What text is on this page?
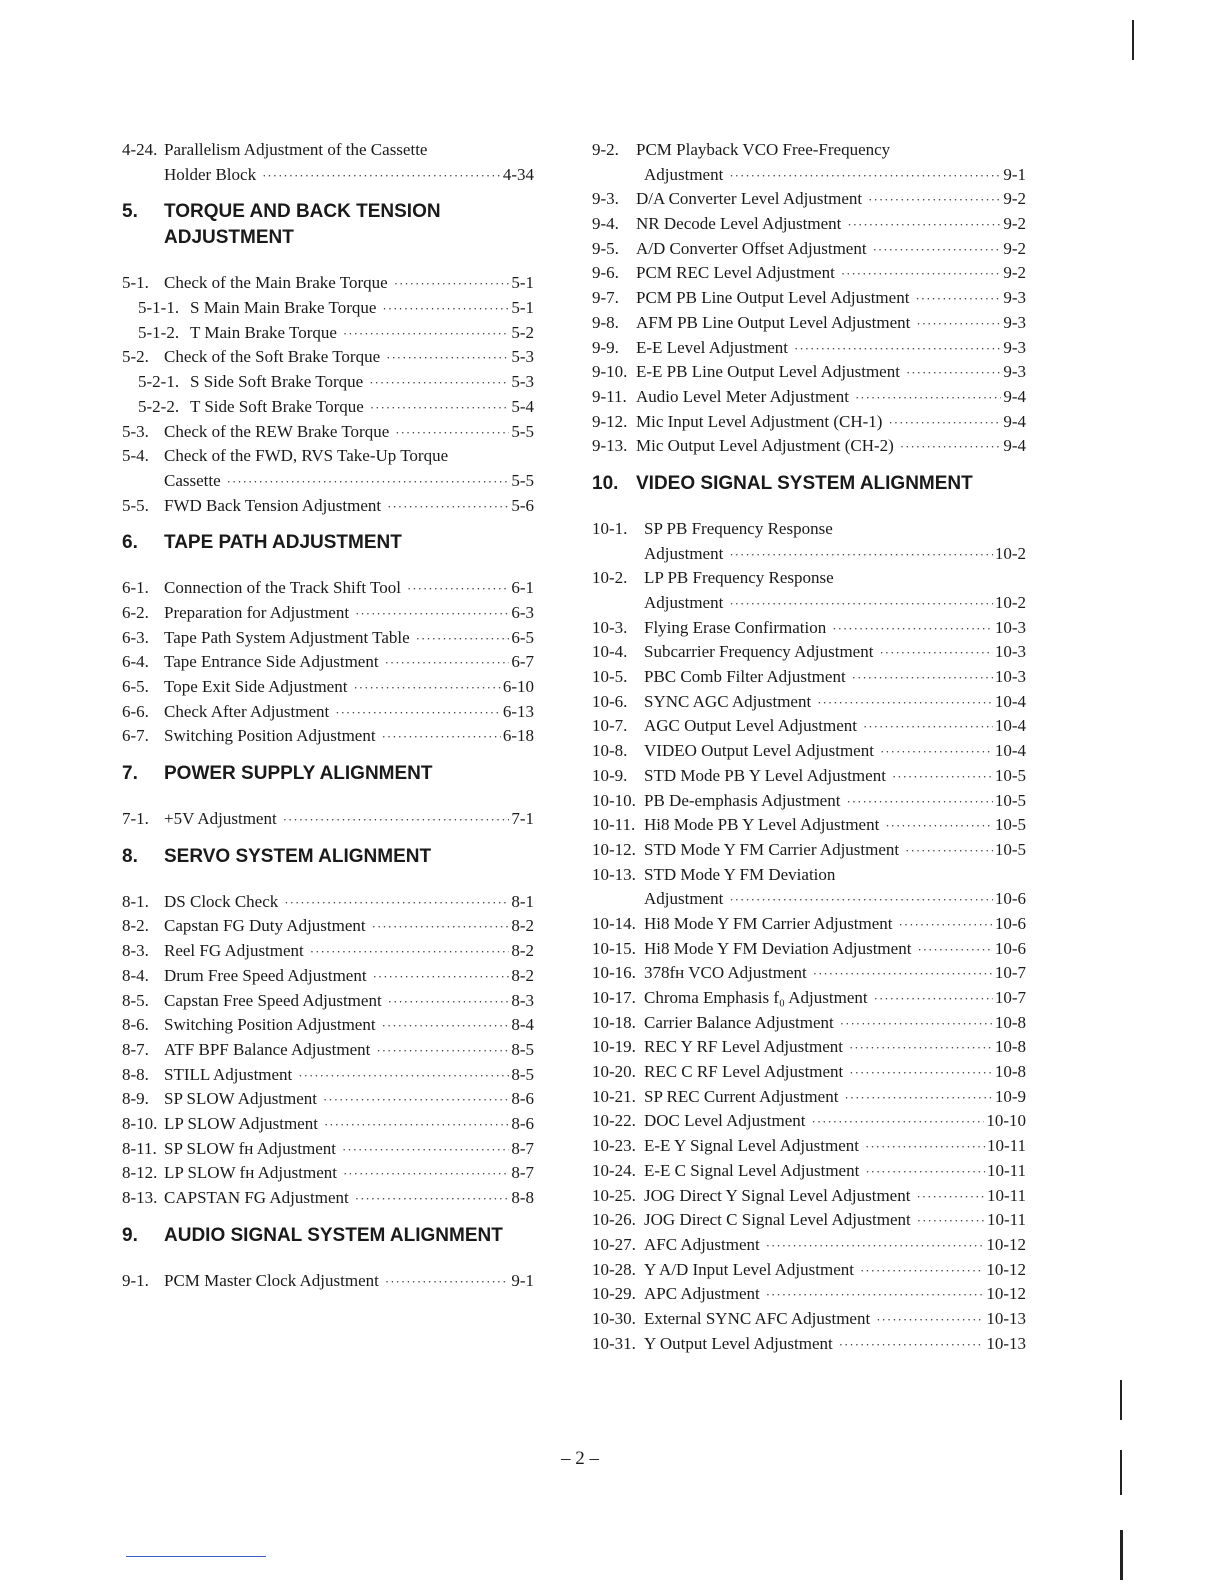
4-24. Parallelism Adjustment of the Cassette
Holder Block ·····	4-34
5. TORQUE AND BACK TENSION
ADJUSTMENT
5-1. Check of the Main Brake Torque ·····	5-1
5-1-1. S Main Main Brake Torque ·····	5-1
5-1-2. T Main Brake Torque ·····	5-2
5-2. Check of the Soft Brake Torque ·····	5-3
5-2-1. S Side Soft Brake Torque ·····	5-3
5-2-2. T Side Soft Brake Torque ·····	5-4
5-3. Check of the REW Brake Torque ·····	5-5
5-4. Check of the FWD, RVS Take-Up Torque
Cassette ·····	5-5
5-5. FWD Back Tension Adjustment ·····	5-6
6. TAPE PATH ADJUSTMENT
6-1. Connection of the Track Shift Tool ·····	6-1
6-2. Preparation for Adjustment ·····	6-3
6-3. Tape Path System Adjustment Table ·····	6-5
6-4. Tape Entrance Side Adjustment ·····	6-7
6-5. Tope Exit Side Adjustment ·····	6-10
6-6. Check After Adjustment ·····	6-13
6-7. Switching Position Adjustment ·····	6-18
7. POWER SUPPLY ALIGNMENT
7-1. +5V Adjustment ·····	7-1
8. SERVO SYSTEM ALIGNMENT
8-1. DS Clock Check ·····	8-1
8-2. Capstan FG Duty Adjustment ·····	8-2
8-3. Reel FG Adjustment ·····	8-2
8-4. Drum Free Speed Adjustment ·····	8-2
8-5. Capstan Free Speed Adjustment ·····	8-3
8-6. Switching Position Adjustment ·····	8-4
8-7. ATF BPF Balance Adjustment ·····	8-5
8-8. STILL Adjustment ·····	8-5
8-9. SP SLOW Adjustment ·····	8-6
8-10. LP SLOW Adjustment ·····	8-6
8-11. SP SLOW fʜ Adjustment ·····	8-7
8-12. LP SLOW fʜ Adjustment ·····	8-7
8-13. CAPSTAN FG Adjustment ·····	8-8
9. AUDIO SIGNAL SYSTEM ALIGNMENT
9-1. PCM Master Clock Adjustment ·····	9-1
9-2.	PCM Playback VCO Free-Frequency
Adjustment ·····	9-1
9-3.	D/A Converter Level Adjustment ·····	9-2
9-4.	NR Decode Level Adjustment ·····	9-2
9-5.	A/D Converter Offset Adjustment ·····	9-2
9-6.	PCM REC Level Adjustment ·····	9-2
9-7.	PCM PB Line Output Level Adjustment ·····	9-3
9-8.	AFM PB Line Output Level Adjustment ·····	9-3
9-9.	E-E Level Adjustment ·····	9-3
9-10. E-E PB Line Output Level Adjustment ·····	9-3
9-11. Audio Level Meter Adjustment ·····	9-4
9-12. Mic Input Level Adjustment (CH-1) ·····	9-4
9-13. Mic Output Level Adjustment (CH-2) ·····	9-4
10. VIDEO SIGNAL SYSTEM ALIGNMENT
10-1. SP PB Frequency Response
Adjustment ·····	10-2
10-2. LP PB Frequency Response
Adjustment ·····	10-2
10-3. Flying Erase Confirmation ·····	10-3
10-4. Subcarrier Frequency Adjustment ·····	10-3
10-5. PBC Comb Filter Adjustment ·····	10-3
10-6. SYNC AGC Adjustment ·····	10-4
10-7. AGC Output Level Adjustment ·····	10-4
10-8. VIDEO Output Level Adjustment ·····	10-4
10-9. STD Mode PB Y Level Adjustment ·····	10-5
10-10. PB De-emphasis Adjustment ·····	10-5
10-11. Hi8 Mode PB Y Level Adjustment ·····	10-5
10-12. STD Mode Y FM Carrier Adjustment ·····	10-5
10-13. STD Mode Y FM Deviation
Adjustment ·····	10-6
10-14. Hi8 Mode Y FM Carrier Adjustment ·····	10-6
10-15. Hi8 Mode Y FM Deviation Adjustment ·····	10-6
10-16. 378fʜ VCO Adjustment ·····	10-7
10-17. Chroma Emphasis f₀ Adjustment ·····	10-7
10-18. Carrier Balance Adjustment ·····	10-8
10-19. REC Y RF Level Adjustment ·····	10-8
10-20. REC C RF Level Adjustment ·····	10-8
10-21. SP REC Current Adjustment ·····	10-9
10-22. DOC Level Adjustment ·····	10-10
10-23. E-E Y Signal Level Adjustment ·····	10-11
10-24. E-E C Signal Level Adjustment ·····	10-11
10-25. JOG Direct Y Signal Level Adjustment ·····	10-11
10-26. JOG Direct C Signal Level Adjustment ·····	10-11
10-27. AFC Adjustment ·····	10-12
10-28. Y A/D Input Level Adjustment ·····	10-12
10-29. APC Adjustment ·····	10-12
10-30. External SYNC AFC Adjustment ·····	10-13
10-31. Y Output Level Adjustment ·····	10-13
– 2 –
